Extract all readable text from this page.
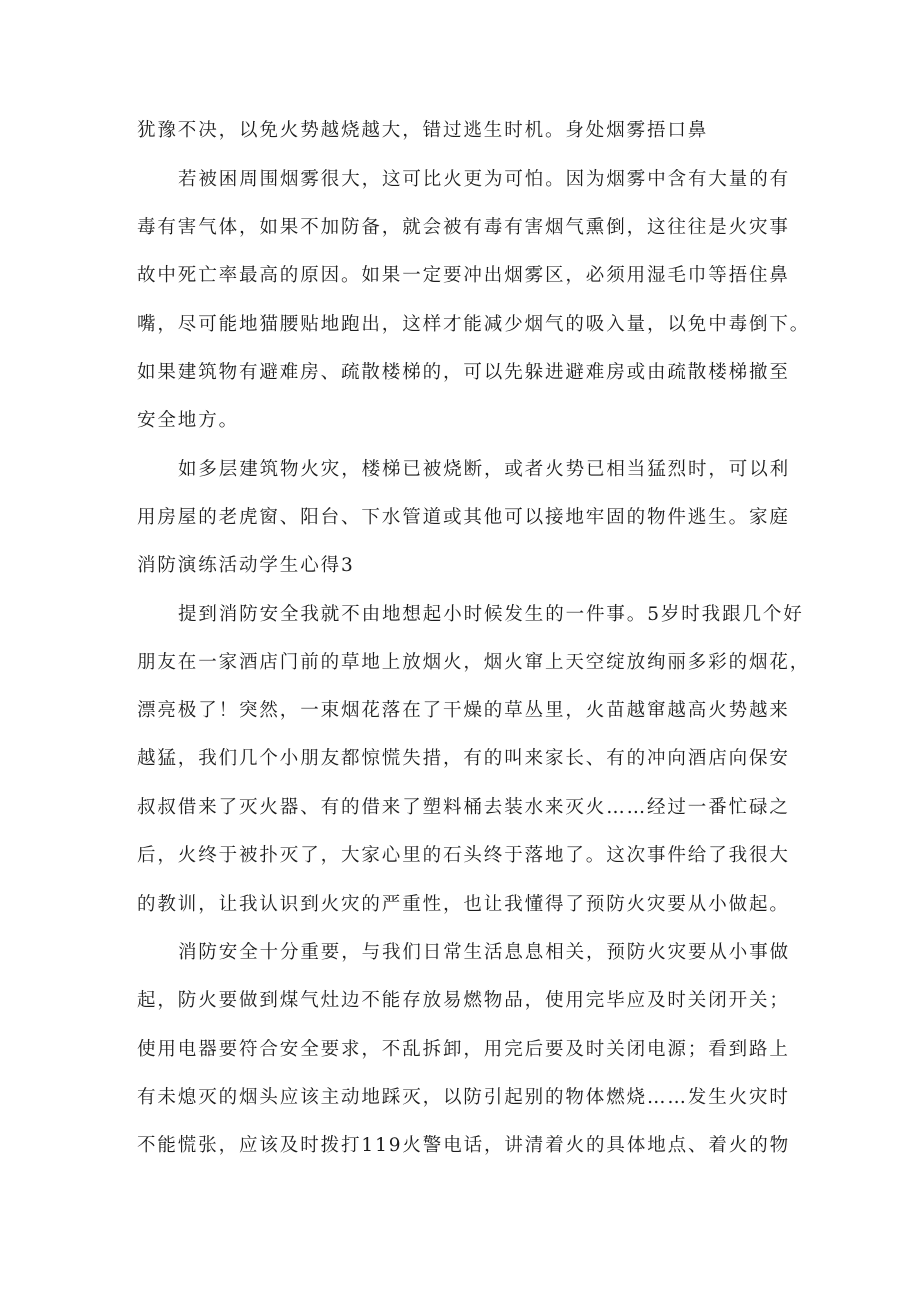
犹豫不决，以免火势越烧越大，错过逃生时机。身处烟雾捂口鼻
若被困周围烟雾很大，这可比火更为可怕。因为烟雾中含有大量的有
毒有害气体，如果不加防备，就会被有毒有害烟气熏倒，这往往是火灾事
故中死亡率最高的原因。如果一定要冲出烟雾区，必须用湿毛巾等捂住鼻
嘴，尽可能地猫腰贴地跑出，这样才能减少烟气的吸入量，以免中毒倒下。
如果建筑物有避难房、疏散楼梯的，可以先躲进避难房或由疏散楼梯撤至
安全地方。
如多层建筑物火灾，楼梯已被烧断，或者火势已相当猛烈时，可以利
用房屋的老虎窗、阳台、下水管道或其他可以接地牢固的物件逃生。家庭
消防演练活动学生心得3
提到消防安全我就不由地想起小时候发生的一件事。5岁时我跟几个好
朋友在一家酒店门前的草地上放烟火，烟火窜上天空绽放绚丽多彩的烟花，
漂亮极了！突然，一束烟花落在了干燥的草丛里，火苗越窜越高火势越来
越猛，我们几个小朋友都惊慌失措，有的叫来家长、有的冲向酒店向保安
叔叔借来了灭火器、有的借来了塑料桶去装水来灭火……经过一番忙碌之
后，火终于被扑灭了，大家心里的石头终于落地了。这次事件给了我很大
的教训，让我认识到火灾的严重性，也让我懂得了预防火灾要从小做起。
消防安全十分重要，与我们日常生活息息相关，预防火灾要从小事做
起，防火要做到煤气灶边不能存放易燃物品，使用完毕应及时关闭开关；
使用电器要符合安全要求，不乱拆卸，用完后要及时关闭电源；看到路上
有未熄灭的烟头应该主动地踩灭，以防引起别的物体燃烧……发生火灾时
不能慌张，应该及时拨打119火警电话，讲清着火的具体地点、着火的物
